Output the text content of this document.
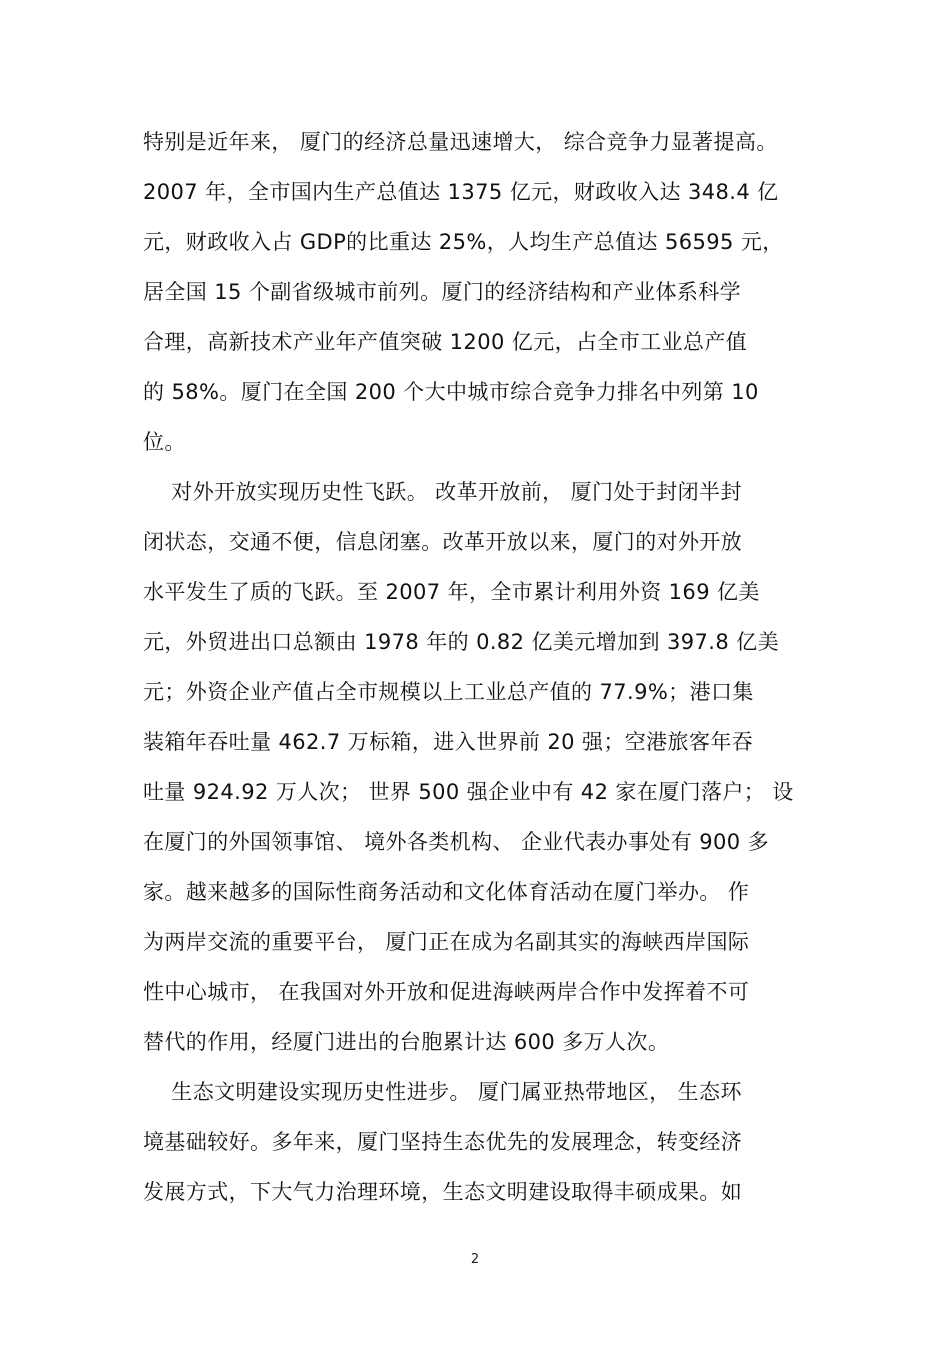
特别是近年来， 厦门的经济总量迅速增大， 综合竞争力显著提高。
2007 年，全市国内生产总值达 1375 亿元，财政收入达 348.4 亿
元，财政收入占 GDP的比重达 25%，人均生产总值达 56595 元，
居全国 15 个副省级城市前列。厦门的经济结构和产业体系科学
合理，高新技术产业年产值突破 1200 亿元，占全市工业总产值
的 58%。厦门在全国 200 个大中城市综合竞争力排名中列第 10
位。
对外开放实现历史性飞跃。 改革开放前， 厦门处于封闭半封
闭状态，交通不便，信息闭塞。改革开放以来，厦门的对外开放
水平发生了质的飞跃。至 2007 年，全市累计利用外资 169 亿美
元，外贸进出口总额由 1978 年的 0.82 亿美元增加到 397.8 亿美
元；外资企业产值占全市规模以上工业总产值的 77.9%；港口集
装箱年吞吐量 462.7 万标箱，进入世界前 20 强；空港旅客年吞
吐量 924.92 万人次； 世界 500 强企业中有 42 家在厦门落户； 设
在厦门的外国领事馆、 境外各类机构、 企业代表办事处有 900 多
家。越来越多的国际性商务活动和文化体育活动在厦门举办。 作
为两岸交流的重要平台， 厦门正在成为名副其实的海峡西岸国际
性中心城市， 在我国对外开放和促进海峡两岸合作中发挥着不可
替代的作用，经厦门进出的台胞累计达 600 多万人次。
生态文明建设实现历史性进步。 厦门属亚热带地区， 生态环
境基础较好。多年来，厦门坚持生态优先的发展理念，转变经济
发展方式，下大气力治理环境，生态文明建设取得丰硕成果。如
2
